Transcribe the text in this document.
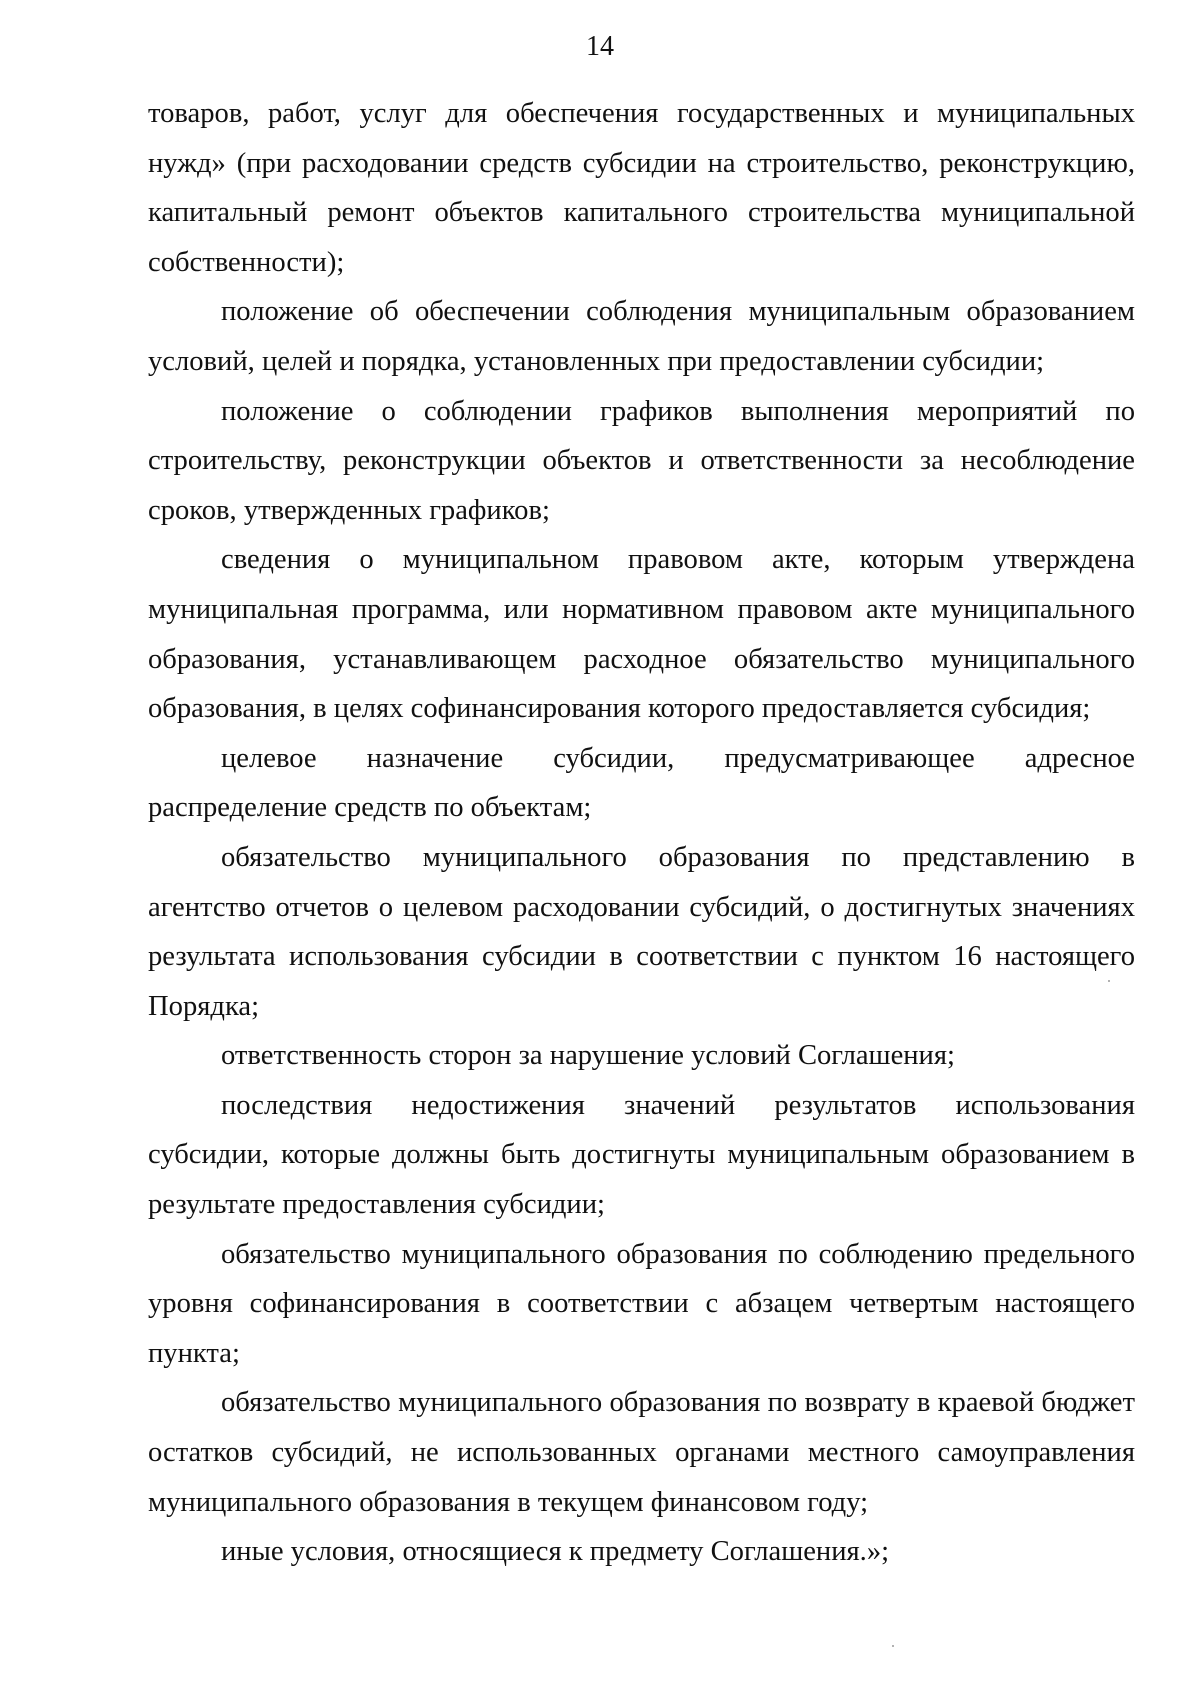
14

товаров, работ, услуг для обеспечения государственных и муниципальных нужд» (при расходовании средств субсидии на строительство, реконструкцию, капитальный ремонт объектов капитального строительства муниципальной собственности);

положение об обеспечении соблюдения муниципальным образованием условий, целей и порядка, установленных при предоставлении субсидии;

положение о соблюдении графиков выполнения мероприятий по строительству, реконструкции объектов и ответственности за несоблюдение сроков, утвержденных графиков;

сведения о муниципальном правовом акте, которым утверждена муниципальная программа, или нормативном правовом акте муниципального образования, устанавливающем расходное обязательство муниципального образования, в целях софинансирования которого предоставляется субсидия;

целевое назначение субсидии, предусматривающее адресное распределение средств по объектам;

обязательство муниципального образования по представлению в агентство отчетов о целевом расходовании субсидий, о достигнутых значениях результата использования субсидии в соответствии с пунктом 16 настоящего Порядка;

ответственность сторон за нарушение условий Соглашения;

последствия недостижения значений результатов использования субсидии, которые должны быть достигнуты муниципальным образованием в результате предоставления субсидии;

обязательство муниципального образования по соблюдению предельного уровня софинансирования в соответствии с абзацем четвертым настоящего пункта;

обязательство муниципального образования по возврату в краевой бюджет остатков субсидий, не использованных органами местного самоуправления муниципального образования в текущем финансовом году;

иные условия, относящиеся к предмету Соглашения.»;
